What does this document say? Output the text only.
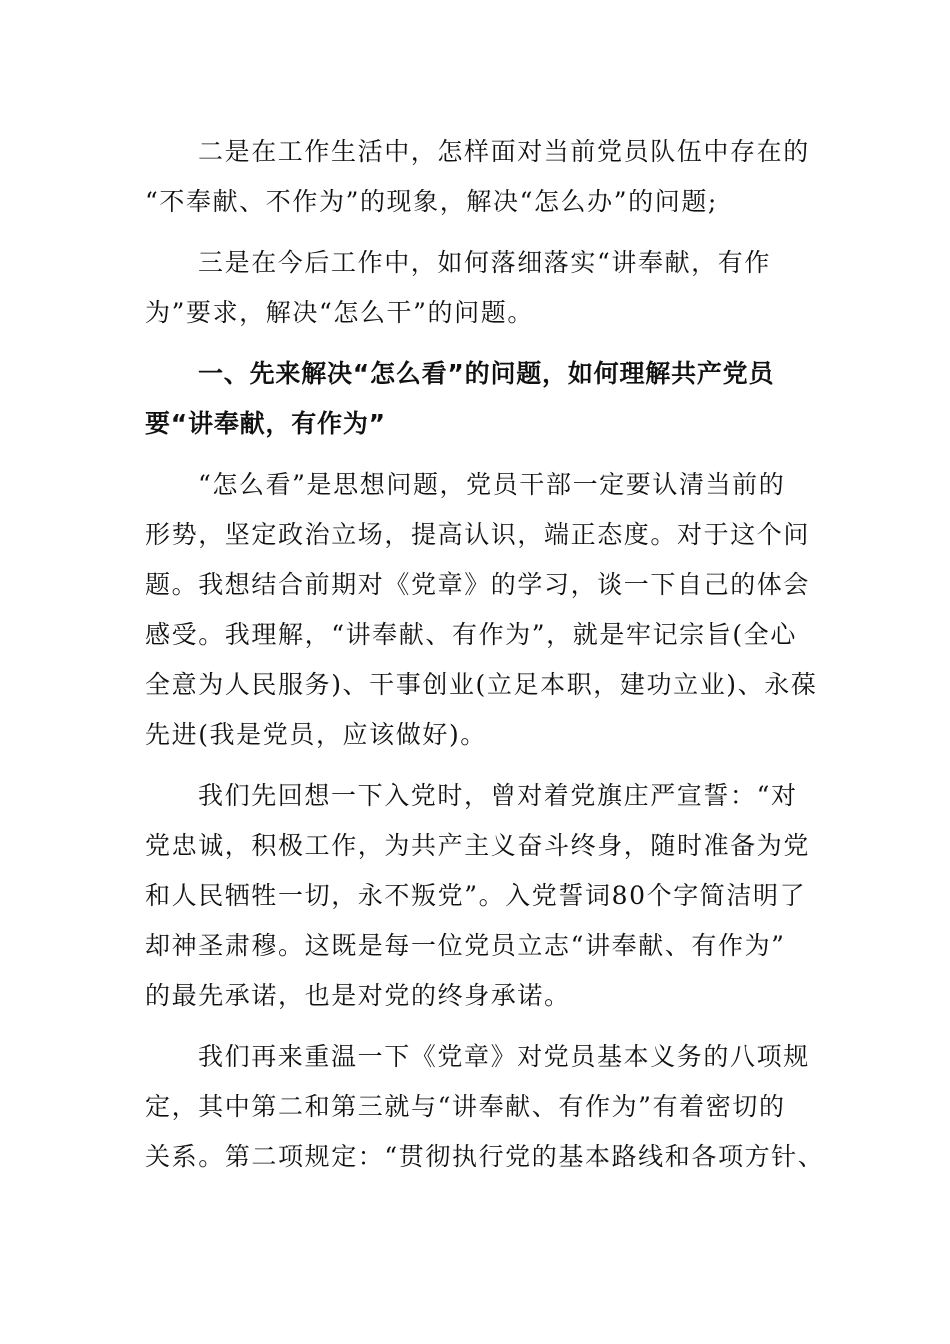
二是在工作生活中，怎样面对当前党员队伍中存在的
“不奉献、不作为”的现象，解决“怎么办”的问题;
三是在今后工作中，如何落细落实“讲奉献，有作
为”要求，解决“怎么干”的问题。
一、先来解决“怎么看”的问题，如何理解共产党员
要“讲奉献，有作为”
“怎么看”是思想问题，党员干部一定要认清当前的
形势，坚定政治立场，提高认识，端正态度。对于这个问
题。我想结合前期对《党章》的学习，谈一下自己的体会
感受。我理解，“讲奉献、有作为”，就是牢记宗旨(全心
全意为人民服务)、干事创业(立足本职，建功立业)、永葆
先进(我是党员，应该做好)。
我们先回想一下入党时，曾对着党旗庄严宣誓：“对
党忠诚，积极工作，为共产主义奋斗终身，随时准备为党
和人民牺牲一切，永不叛党”。入党誓词80个字简洁明了
却神圣肃穆。这既是每一位党员立志“讲奉献、有作为”
的最先承诺，也是对党的终身承诺。
我们再来重温一下《党章》对党员基本义务的八项规
定，其中第二和第三就与“讲奉献、有作为”有着密切的
关系。第二项规定：“贯彻执行党的基本路线和各项方针、
